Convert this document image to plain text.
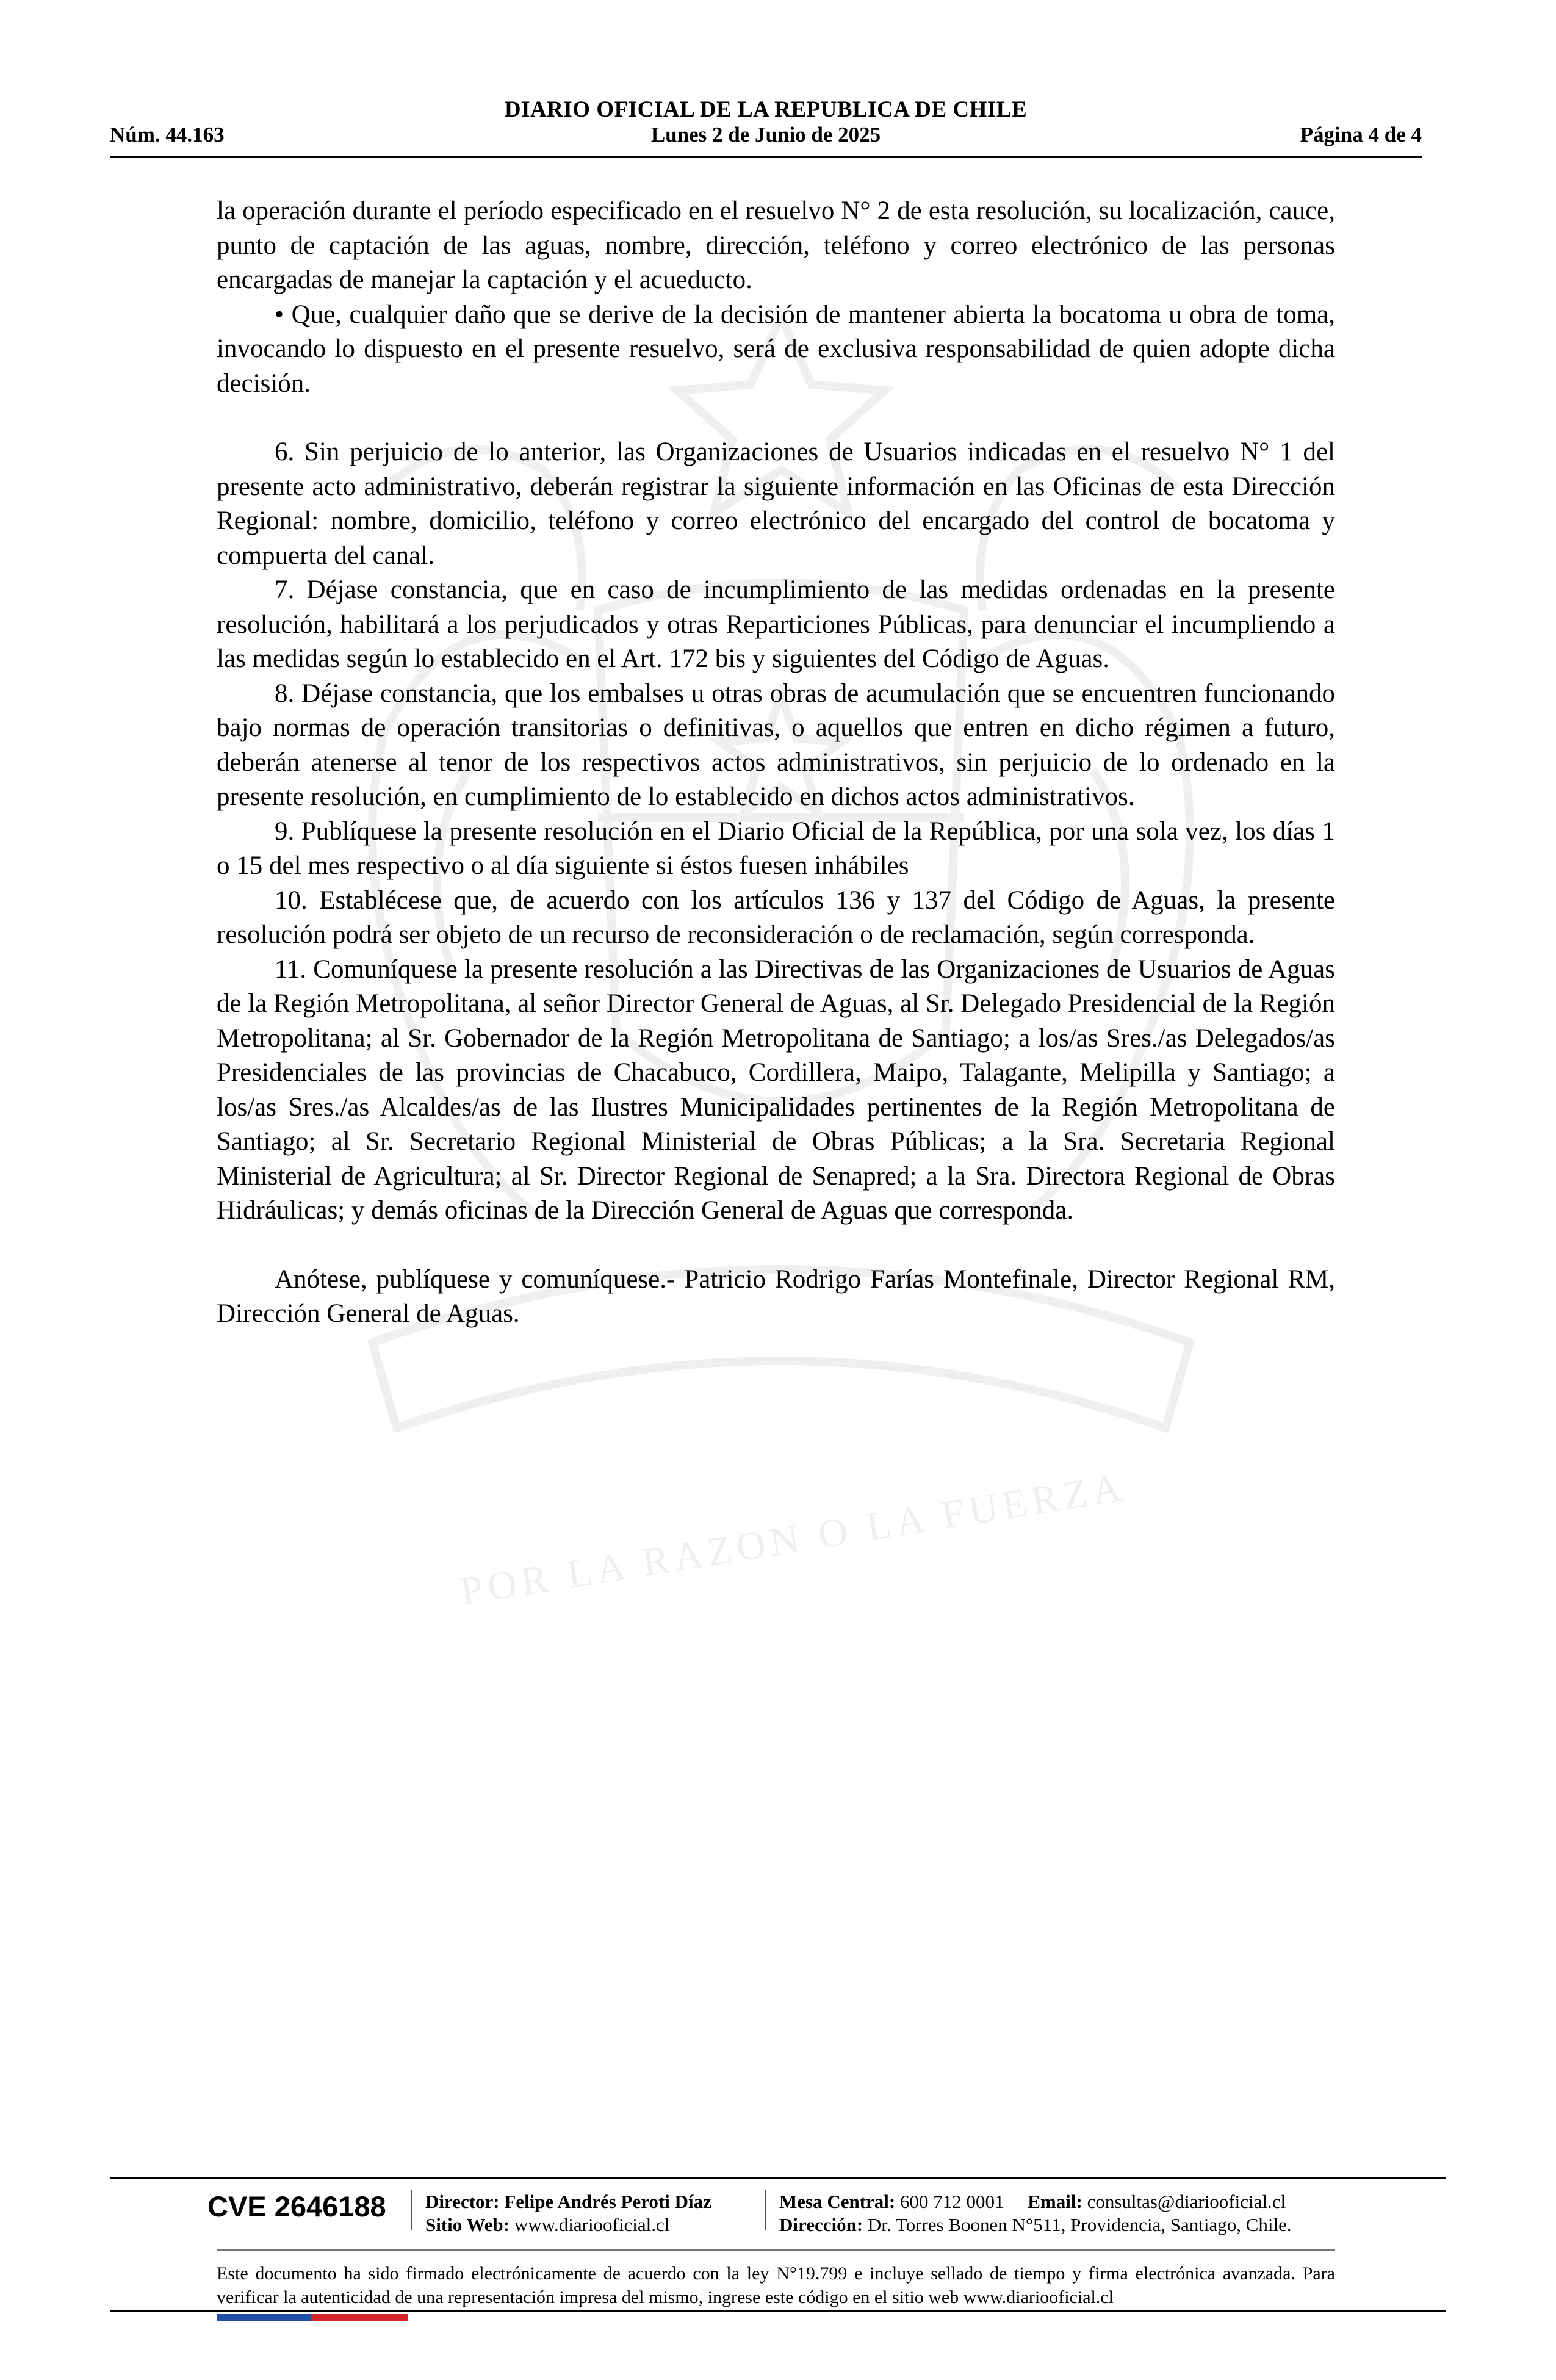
POR LA RAZON O LA FUERZA
DIARIO OFICIAL DE LA REPUBLICA DE CHILE
Núm. 44.163	Lunes 2 de Junio de 2025	Página 4 de 4

la operación durante el período especificado en el resuelvo N° 2 de esta resolución, su localización, cauce, punto de captación de las aguas, nombre, dirección, teléfono y correo electrónico de las personas encargadas de manejar la captación y el acueducto.

• Que, cualquier daño que se derive de la decisión de mantener abierta la bocatoma u obra de toma, invocando lo dispuesto en el presente resuelvo, será de exclusiva responsabilidad de quien adopte dicha decisión.

6. Sin perjuicio de lo anterior, las Organizaciones de Usuarios indicadas en el resuelvo N° 1 del presente acto administrativo, deberán registrar la siguiente información en las Oficinas de esta Dirección Regional: nombre, domicilio, teléfono y correo electrónico del encargado del control de bocatoma y compuerta del canal.

7. Déjase constancia, que en caso de incumplimiento de las medidas ordenadas en la presente resolución, habilitará a los perjudicados y otras Reparticiones Públicas, para denunciar el incumpliendo a las medidas según lo establecido en el Art. 172 bis y siguientes del Código de Aguas.

8. Déjase constancia, que los embalses u otras obras de acumulación que se encuentren funcionando bajo normas de operación transitorias o definitivas, o aquellos que entren en dicho régimen a futuro, deberán atenerse al tenor de los respectivos actos administrativos, sin perjuicio de lo ordenado en la presente resolución, en cumplimiento de lo establecido en dichos actos administrativos.

9. Publíquese la presente resolución en el Diario Oficial de la República, por una sola vez, los días 1 o 15 del mes respectivo o al día siguiente si éstos fuesen inhábiles

10. Establécese que, de acuerdo con los artículos 136 y 137 del Código de Aguas, la presente resolución podrá ser objeto de un recurso de reconsideración o de reclamación, según corresponda.

11. Comuníquese la presente resolución a las Directivas de las Organizaciones de Usuarios de Aguas de la Región Metropolitana, al señor Director General de Aguas, al Sr. Delegado Presidencial de la Región Metropolitana; al Sr. Gobernador de la Región Metropolitana de Santiago; a los/as Sres./as Delegados/as Presidenciales de las provincias de Chacabuco, Cordillera, Maipo, Talagante, Melipilla y Santiago; a los/as Sres./as Alcaldes/as de las Ilustres Municipalidades pertinentes de la Región Metropolitana de Santiago; al Sr. Secretario Regional Ministerial de Obras Públicas; a la Sra. Secretaria Regional Ministerial de Agricultura; al Sr. Director Regional de Senapred; a la Sra. Directora Regional de Obras Hidráulicas; y demás oficinas de la Dirección General de Aguas que corresponda.

Anótese, publíquese y comuníquese.- Patricio Rodrigo Farías Montefinale, Director Regional RM, Dirección General de Aguas.

CVE 2646188 Director: Felipe Andrés Peroti Díaz
Sitio Web: www.diariooficial.cl
Mesa Central: 600 712 0001 Email: consultas@diariooficial.cl
Dirección: Dr. Torres Boonen N°511, Providencia, Santiago, Chile.
Este documento ha sido firmado electrónicamente de acuerdo con la ley N°19.799 e incluye sellado de tiempo y firma electrónica avanzada. Para verificar la autenticidad de una representación impresa del mismo, ingrese este código en el sitio web www.diariooficial.cl
